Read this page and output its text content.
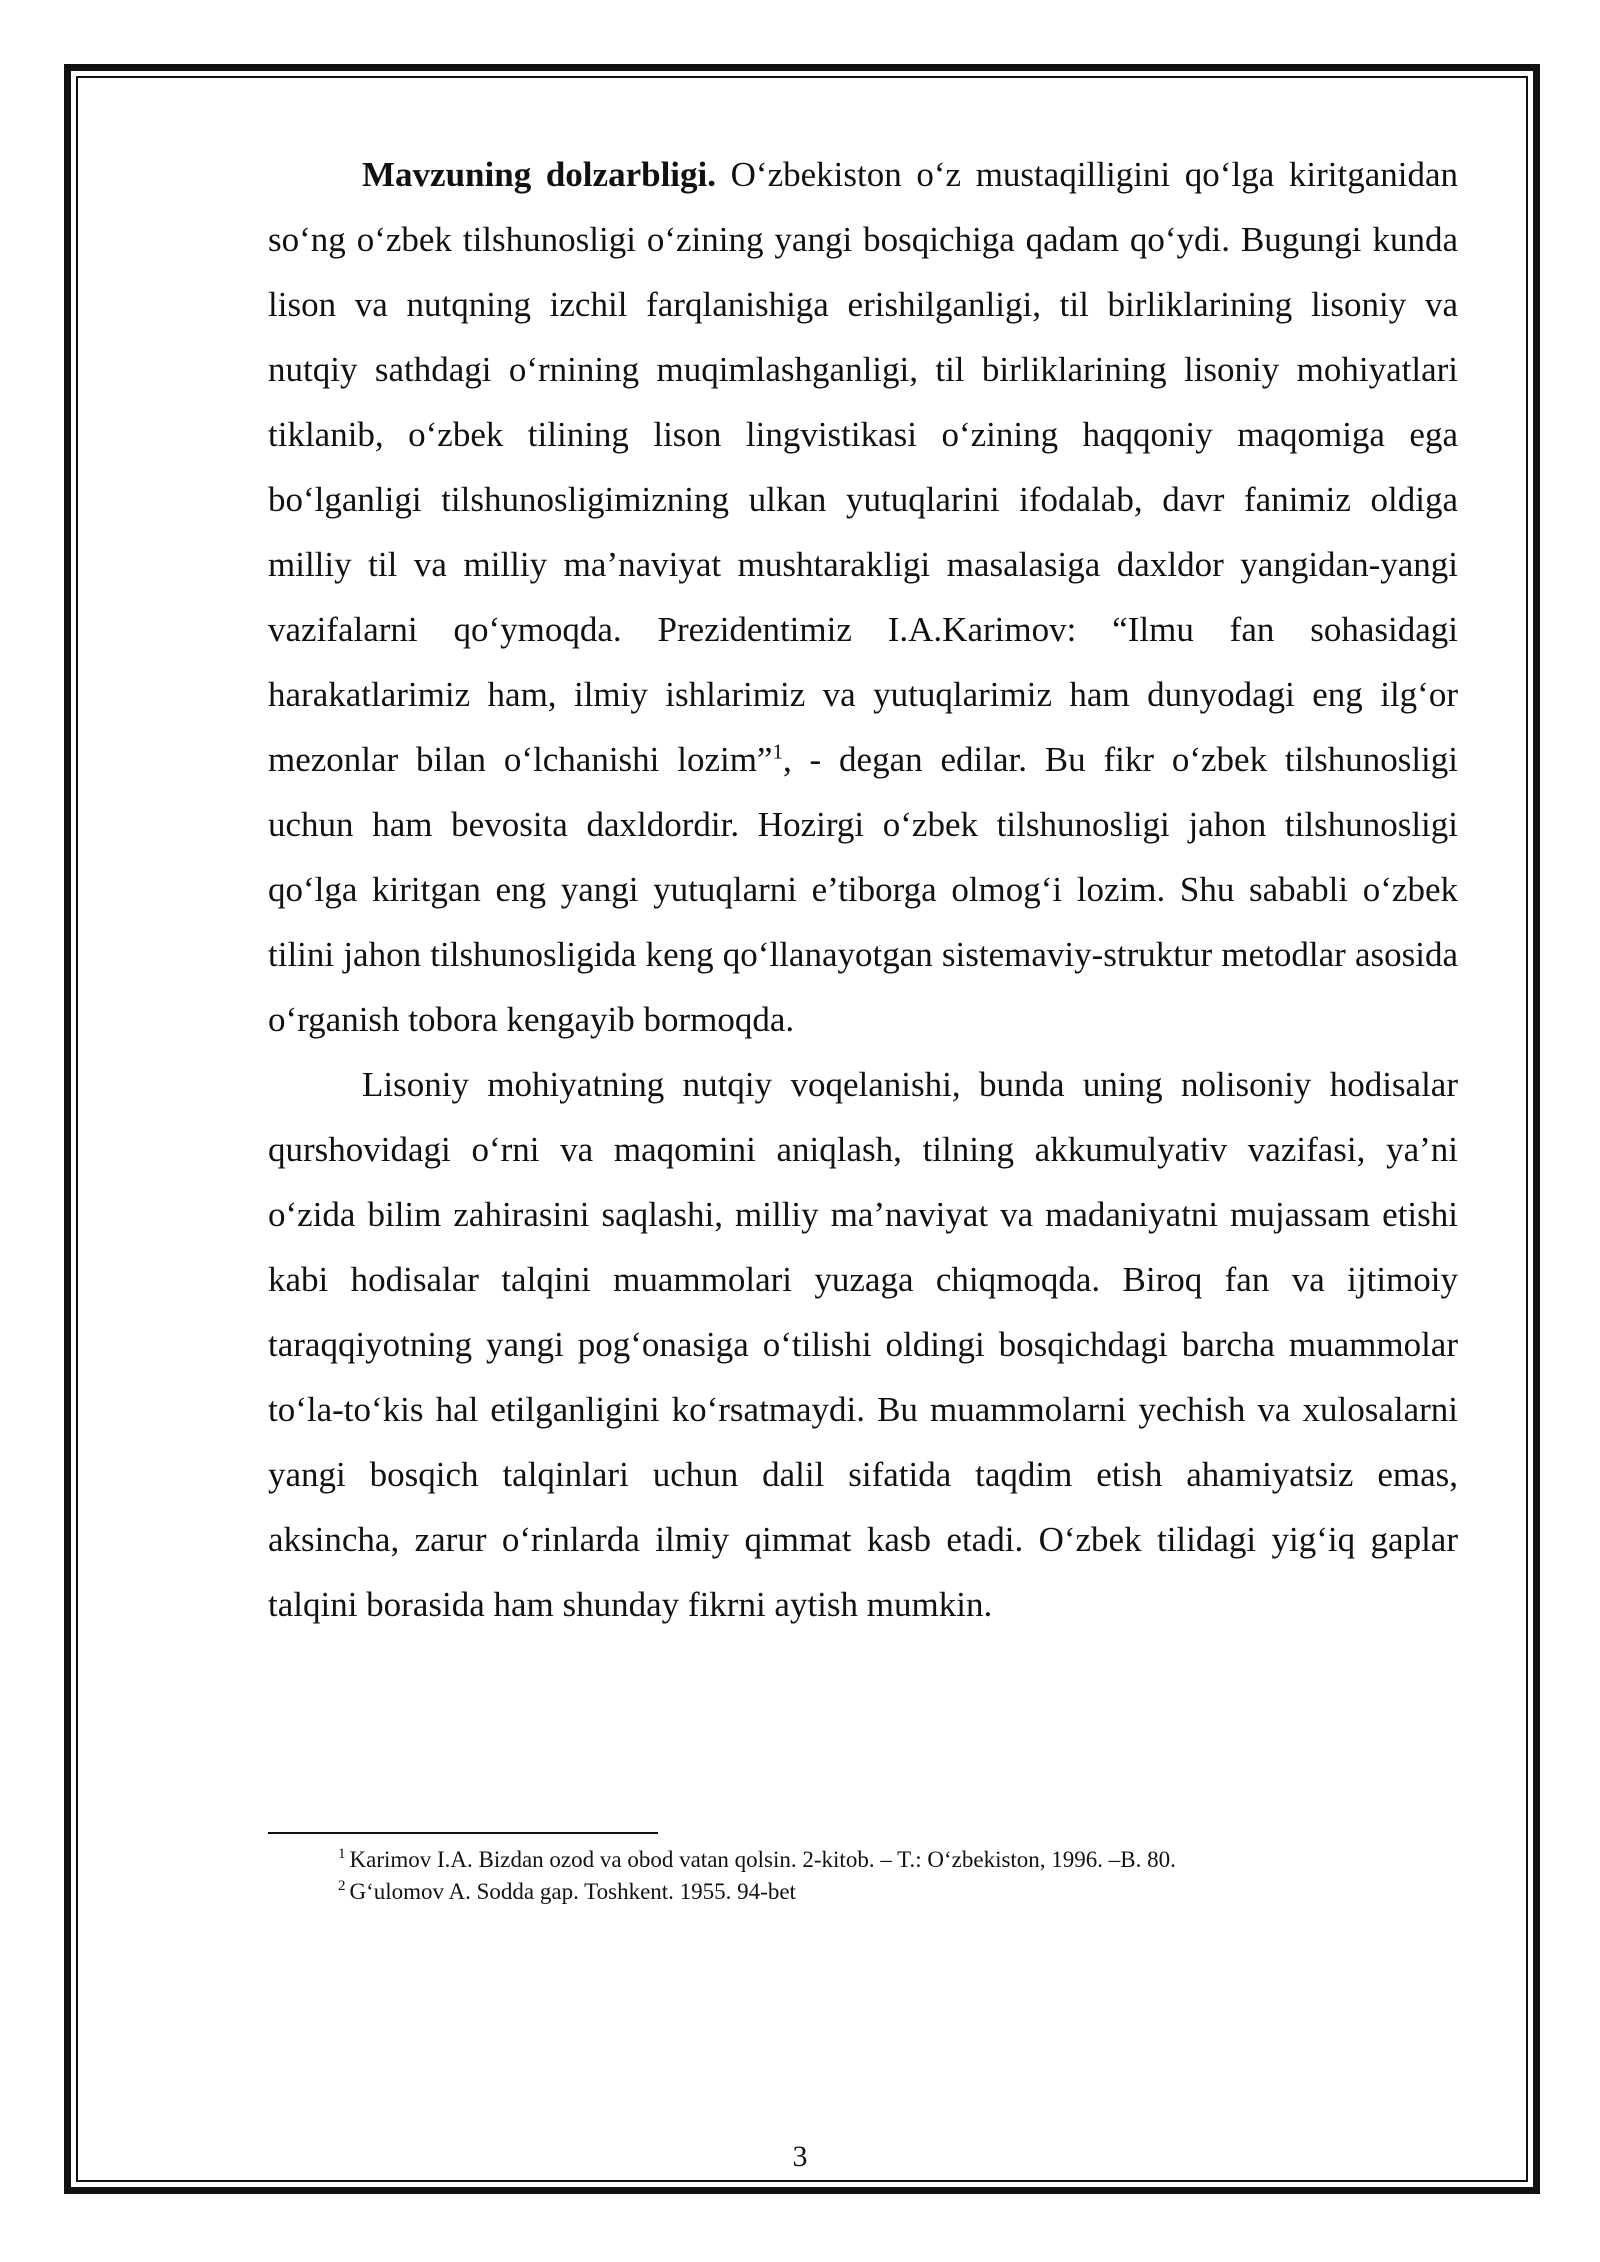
Mavzuning dolzarbligi. O‘zbekiston o‘z mustaqilligini qo‘lga kiritganidan so‘ng o‘zbek tilshunosligi o‘zining yangi bosqichiga qadam qo‘ydi. Bugungi kunda lison va nutqning izchil farqlanishiga erishilganligi, til birliklarining lisoniy va nutqiy sathdagi o‘rnining muqimlashganligi, til birliklarining lisoniy mohiyatlari tiklanib, o‘zbek tilining lison lingvistikasi o‘zining haqqoniy maqomiga ega bo‘lganligi tilshunosligimizning ulkan yutuqlarini ifodalab, davr fanimiz oldiga milliy til va milliy ma’naviyat mushtarakligi masalasiga daxldor yangidan-yangi vazifalarni qo‘ymoqda. Prezidentimiz I.A.Karimov: “Ilmu fan sohasidagi harakatlarimiz ham, ilmiy ishlarimiz va yutuqlarimiz ham dunyodagi eng ilg‘or mezonlar bilan o‘lchanishi lozim”$^1$, - degan edilar. Bu fikr o‘zbek tilshunosligi uchun ham bevosita daxldordir. Hozirgi o‘zbek tilshunosligi jahon tilshunosligi qo‘lga kiritgan eng yangi yutuqlarni e’tiborga olmog‘i lozim. Shu sababli o‘zbek tilini jahon tilshunosligida keng qo‘llanayotgan sistemaviy-struktur metodlar asosida o‘rganish tobora kengayib bormoqda.

Lisoniy mohiyatning nutqiy voqelanishi, bunda uning nolisoniy hodisalar qurshovidagi o‘rni va maqomini aniqlash, tilning akkumulyativ vazifasi, ya’ni o‘zida bilim zahirasini saqlashi, milliy ma’naviyat va madaniyatni mujassam etishi kabi hodisalar talqini muammolari yuzaga chiqmoqda. Biroq fan va ijtimoiy taraqqiyotning yangi pog‘onasiga o‘tilishi oldingi bosqichdagi barcha muammolar to‘la-to‘kis hal etilganligini ko‘rsatmaydi. Bu muammolarni yechish va xulosalarni yangi bosqich talqinlari uchun dalil sifatida taqdim etish ahamiyatsiz emas, aksincha, zarur o‘rinlarda ilmiy qimmat kasb etadi. O‘zbek tilidagi yig‘iq gaplar talqini borasida ham shunday fikrni aytish mumkin.

$^1$ Karimov I.A. Bizdan ozod va obod vatan qolsin. 2-kitob. – T.: O‘zbekiston, 1996. –B. 80.
$^2$ G‘ulomov A. Sodda gap. Toshkent. 1955. 94-bet
3
